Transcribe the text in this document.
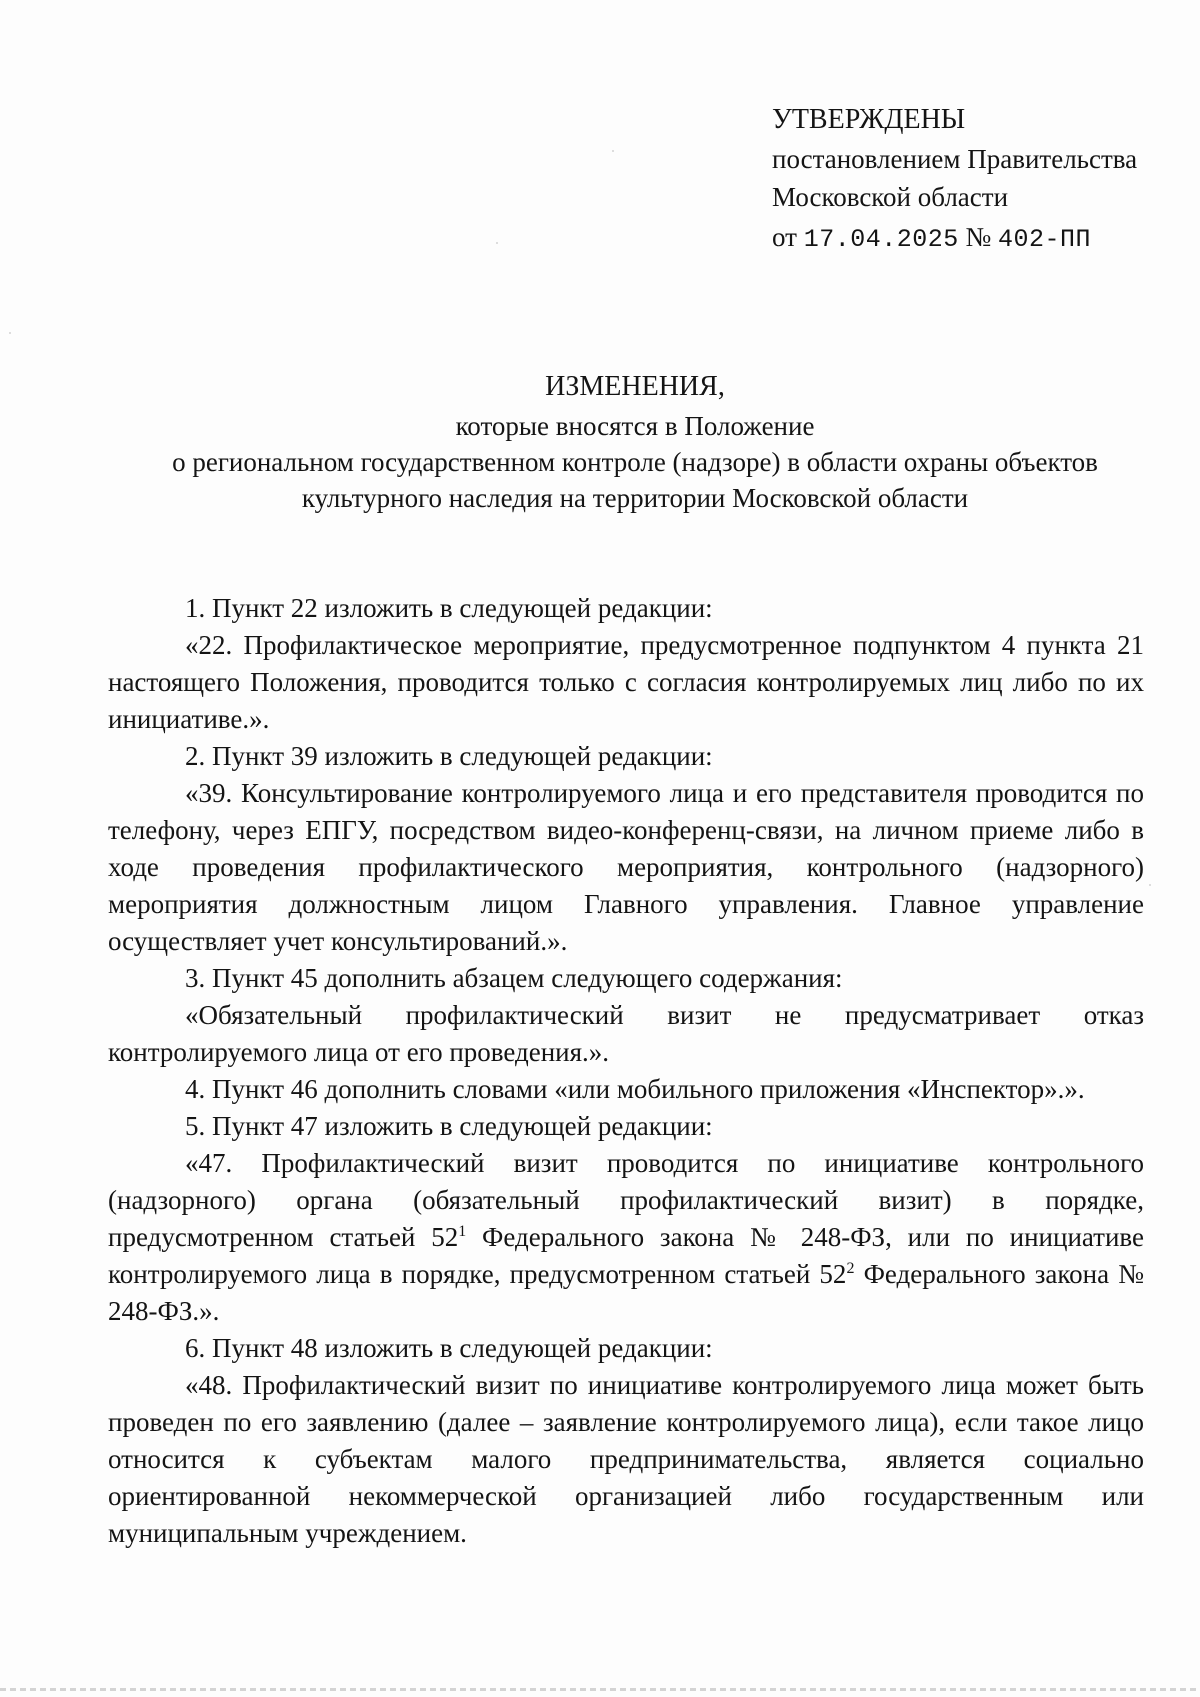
УТВЕРЖДЕНЫ
постановлением Правительства
Московской области
от 17.04.2025 № 402-ПП
ИЗМЕНЕНИЯ,
которые вносятся в Положение
о региональном государственном контроле (надзоре) в области охраны объектов
культурного наследия на территории Московской области

1. Пункт 22 изложить в следующей редакции:

«22. Профилактическое мероприятие, предусмотренное подпунктом 4 пункта 21 настоящего Положения, проводится только с согласия контролируемых лиц либо по их инициативе.».

2. Пункт 39 изложить в следующей редакции:

«39. Консультирование контролируемого лица и его представителя проводится по телефону, через ЕПГУ, посредством видео-конференц-связи, на личном приеме либо в ходе проведения профилактического мероприятия, контрольного (надзорного) мероприятия должностным лицом Главного управления. Главное управление осуществляет учет консультирований.».

3. Пункт 45 дополнить абзацем следующего содержания:

«Обязательный профилактический визит не предусматривает отказ контролируемого лица от его проведения.».

4. Пункт 46 дополнить словами «или мобильного приложения «Инспектор».».

5. Пункт 47 изложить в следующей редакции:

«47. Профилактический визит проводится по инициативе контрольного (надзорного) органа (обязательный профилактический визит) в порядке, предусмотренном статьей $52^1$ Федерального закона № 248-ФЗ, или по инициативе контролируемого лица в порядке, предусмотренном статьей $52^2$ Федерального закона № 248-ФЗ.».

6. Пункт 48 изложить в следующей редакции:

«48. Профилактический визит по инициативе контролируемого лица может быть проведен по его заявлению (далее – заявление контролируемого лица), если такое лицо относится к субъектам малого предпринимательства, является социально ориентированной некоммерческой организацией либо государственным или муниципальным учреждением.
